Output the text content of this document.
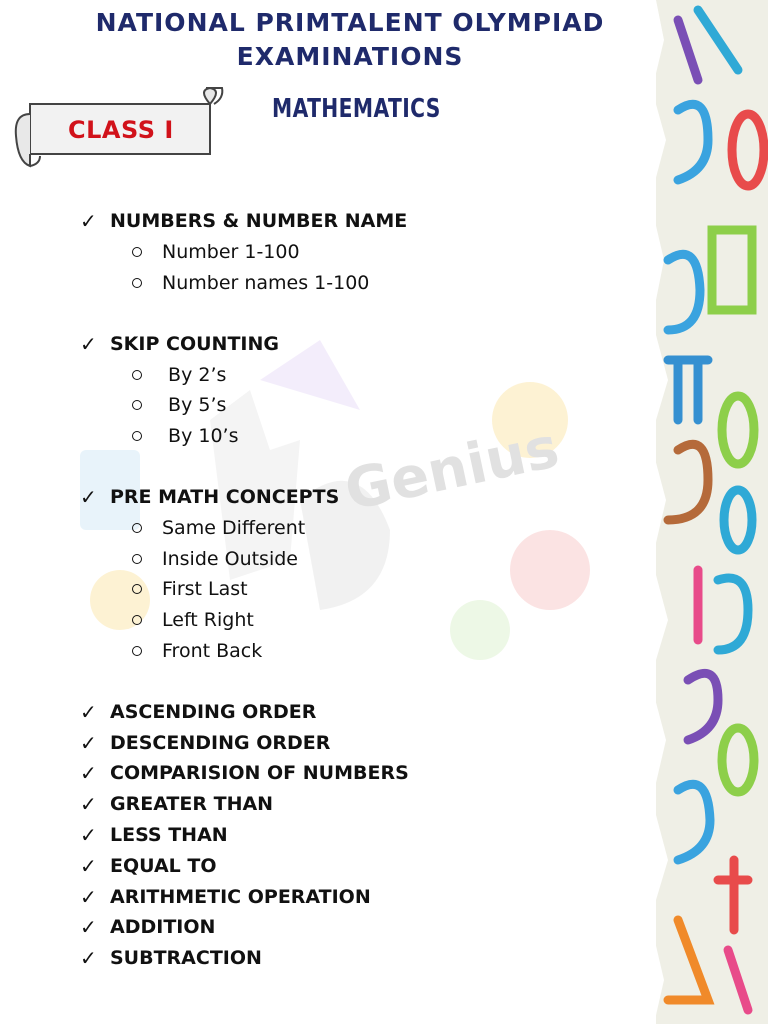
Genius
NATIONAL PRIMTALENT OLYMPIAD
EXAMINATIONS
CLASS I
MATHEMATICS
✓ NUMBERS & NUMBER NAME
Number 1-100
Number names 1-100
✓ SKIP COUNTING
By 2’s
By 5’s
By 10’s
✓ PRE MATH CONCEPTS
Same Different
Inside Outside
First Last
Left Right
Front Back
✓ ASCENDING ORDER
✓ DESCENDING ORDER
✓ COMPARISION OF NUMBERS
✓ GREATER THAN
✓ LESS THAN
✓ EQUAL TO
✓ ARITHMETIC OPERATION
✓ ADDITION
✓ SUBTRACTION
